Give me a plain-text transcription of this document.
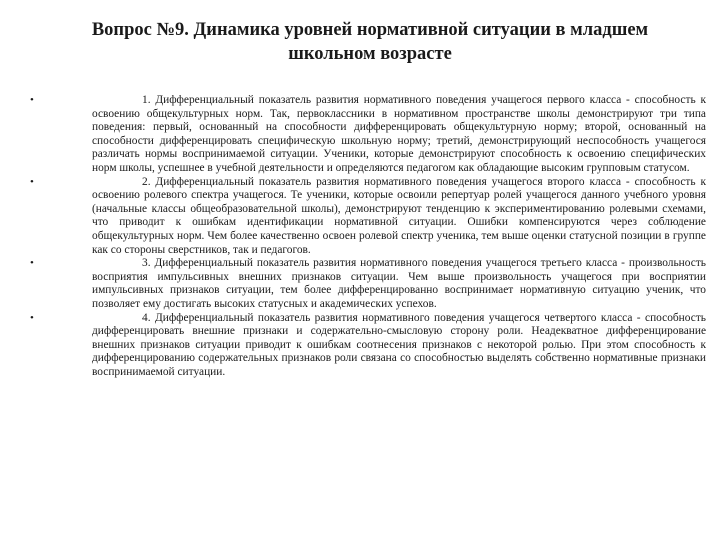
Вопрос №9. Динамика уровней нормативной ситуации в младшем
школьном возрасте

•	1. Дифференциальный показатель развития нормативного поведения учащегося первого класса - способность к освоению общекультурных норм. Так, первоклассники в нормативном пространстве школы демонстрируют три типа поведения: первый, основанный на способности дифференцировать общекультурную норму; второй, основанный на способности дифференцировать специфическую школьную норму; третий, демонстрирующий неспособность учащегося различать нормы воспринимаемой ситуации. Ученики, которые демонстрируют способность к освоению специфических норм школы, успешнее в учебной деятельности и определяются педагогом как обладающие высоким групповым статусом.

•	2. Дифференциальный показатель развития нормативного поведения учащегося второго класса - способность к освоению ролевого спектра учащегося. Те ученики, которые освоили репертуар ролей учащегося данного учебного уровня (начальные классы общеобразовательной школы), демонстрируют тенденцию к экспериментированию ролевыми схемами, что приводит к ошибкам идентификации нормативной ситуации. Ошибки компенсируются через соблюдение общекультурных норм. Чем более качественно освоен ролевой спектр ученика, тем выше оценки статусной позиции в группе как со стороны сверстников, так и педагогов.

•	3. Дифференциальный показатель развития нормативного поведения учащегося третьего класса - произвольность восприятия импульсивных внешних признаков ситуации. Чем выше произвольность учащегося при восприятии импульсивных признаков ситуации, тем более дифференцированно воспринимает нормативную ситуацию ученик, что позволяет ему достигать высоких статусных и академических успехов.

•	4. Дифференциальный показатель развития нормативного поведения учащегося четвертого класса - способность дифференцировать внешние признаки и содержательно-смысловую сторону роли. Неадекватное дифференцирование внешних признаков ситуации приводит к ошибкам соотнесения признаков с некоторой ролью. При этом способность к дифференцированию содержательных признаков роли связана со способностью выделять собственно нормативные признаки воспринимаемой ситуации.
